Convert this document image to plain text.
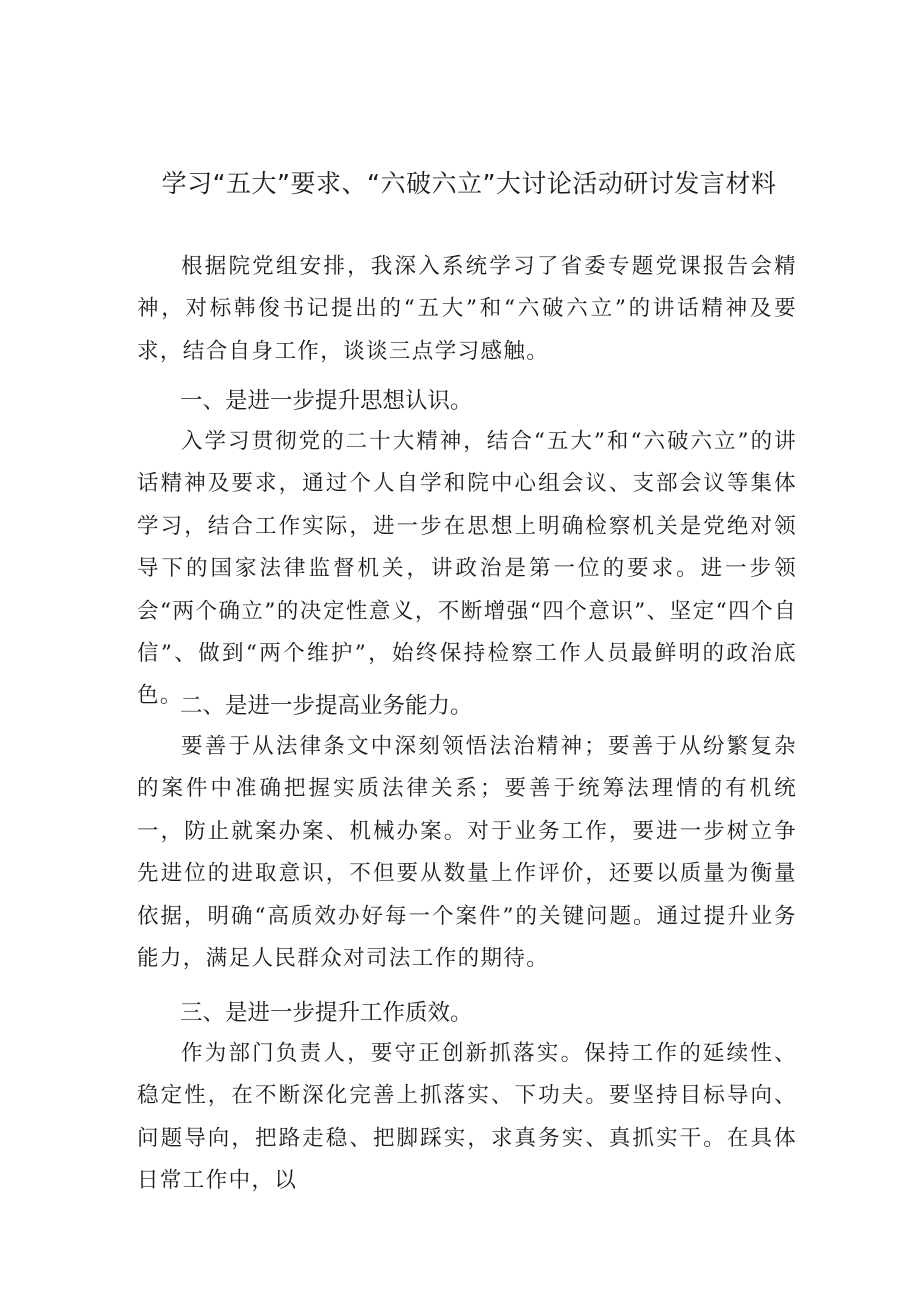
学习“五大”要求、“六破六立”大讨论活动研讨发言材料

根据院党组安排，我深入系统学习了省委专题党课报告会精神，对标韩俊书记提出的“五大”和“六破六立”的讲话精神及要求，结合自身工作，谈谈三点学习感触。

一、是进一步提升思想认识。

入学习贯彻党的二十大精神，结合“五大”和“六破六立”的讲话精神及要求，通过个人自学和院中心组会议、支部会议等集体学习，结合工作实际，进一步在思想上明确检察机关是党绝对领导下的国家法律监督机关，讲政治是第一位的要求。进一步领会“两个确立”的决定性意义，不断增强“四个意识”、坚定“四个自信”、做到“两个维护”，始终保持检察工作人员最鲜明的政治底色。

二、是进一步提高业务能力。

要善于从法律条文中深刻领悟法治精神；要善于从纷繁复杂的案件中准确把握实质法律关系；要善于统筹法理情的有机统一，防止就案办案、机械办案。对于业务工作，要进一步树立争先进位的进取意识，不但要从数量上作评价，还要以质量为衡量依据，明确“高质效办好每一个案件”的关键问题。通过提升业务能力，满足人民群众对司法工作的期待。

三、是进一步提升工作质效。

作为部门负责人，要守正创新抓落实。保持工作的延续性、稳定性，在不断深化完善上抓落实、下功夫。要坚持目标导向、问题导向，把路走稳、把脚踩实，求真务实、真抓实干。在具体日常工作中，以
